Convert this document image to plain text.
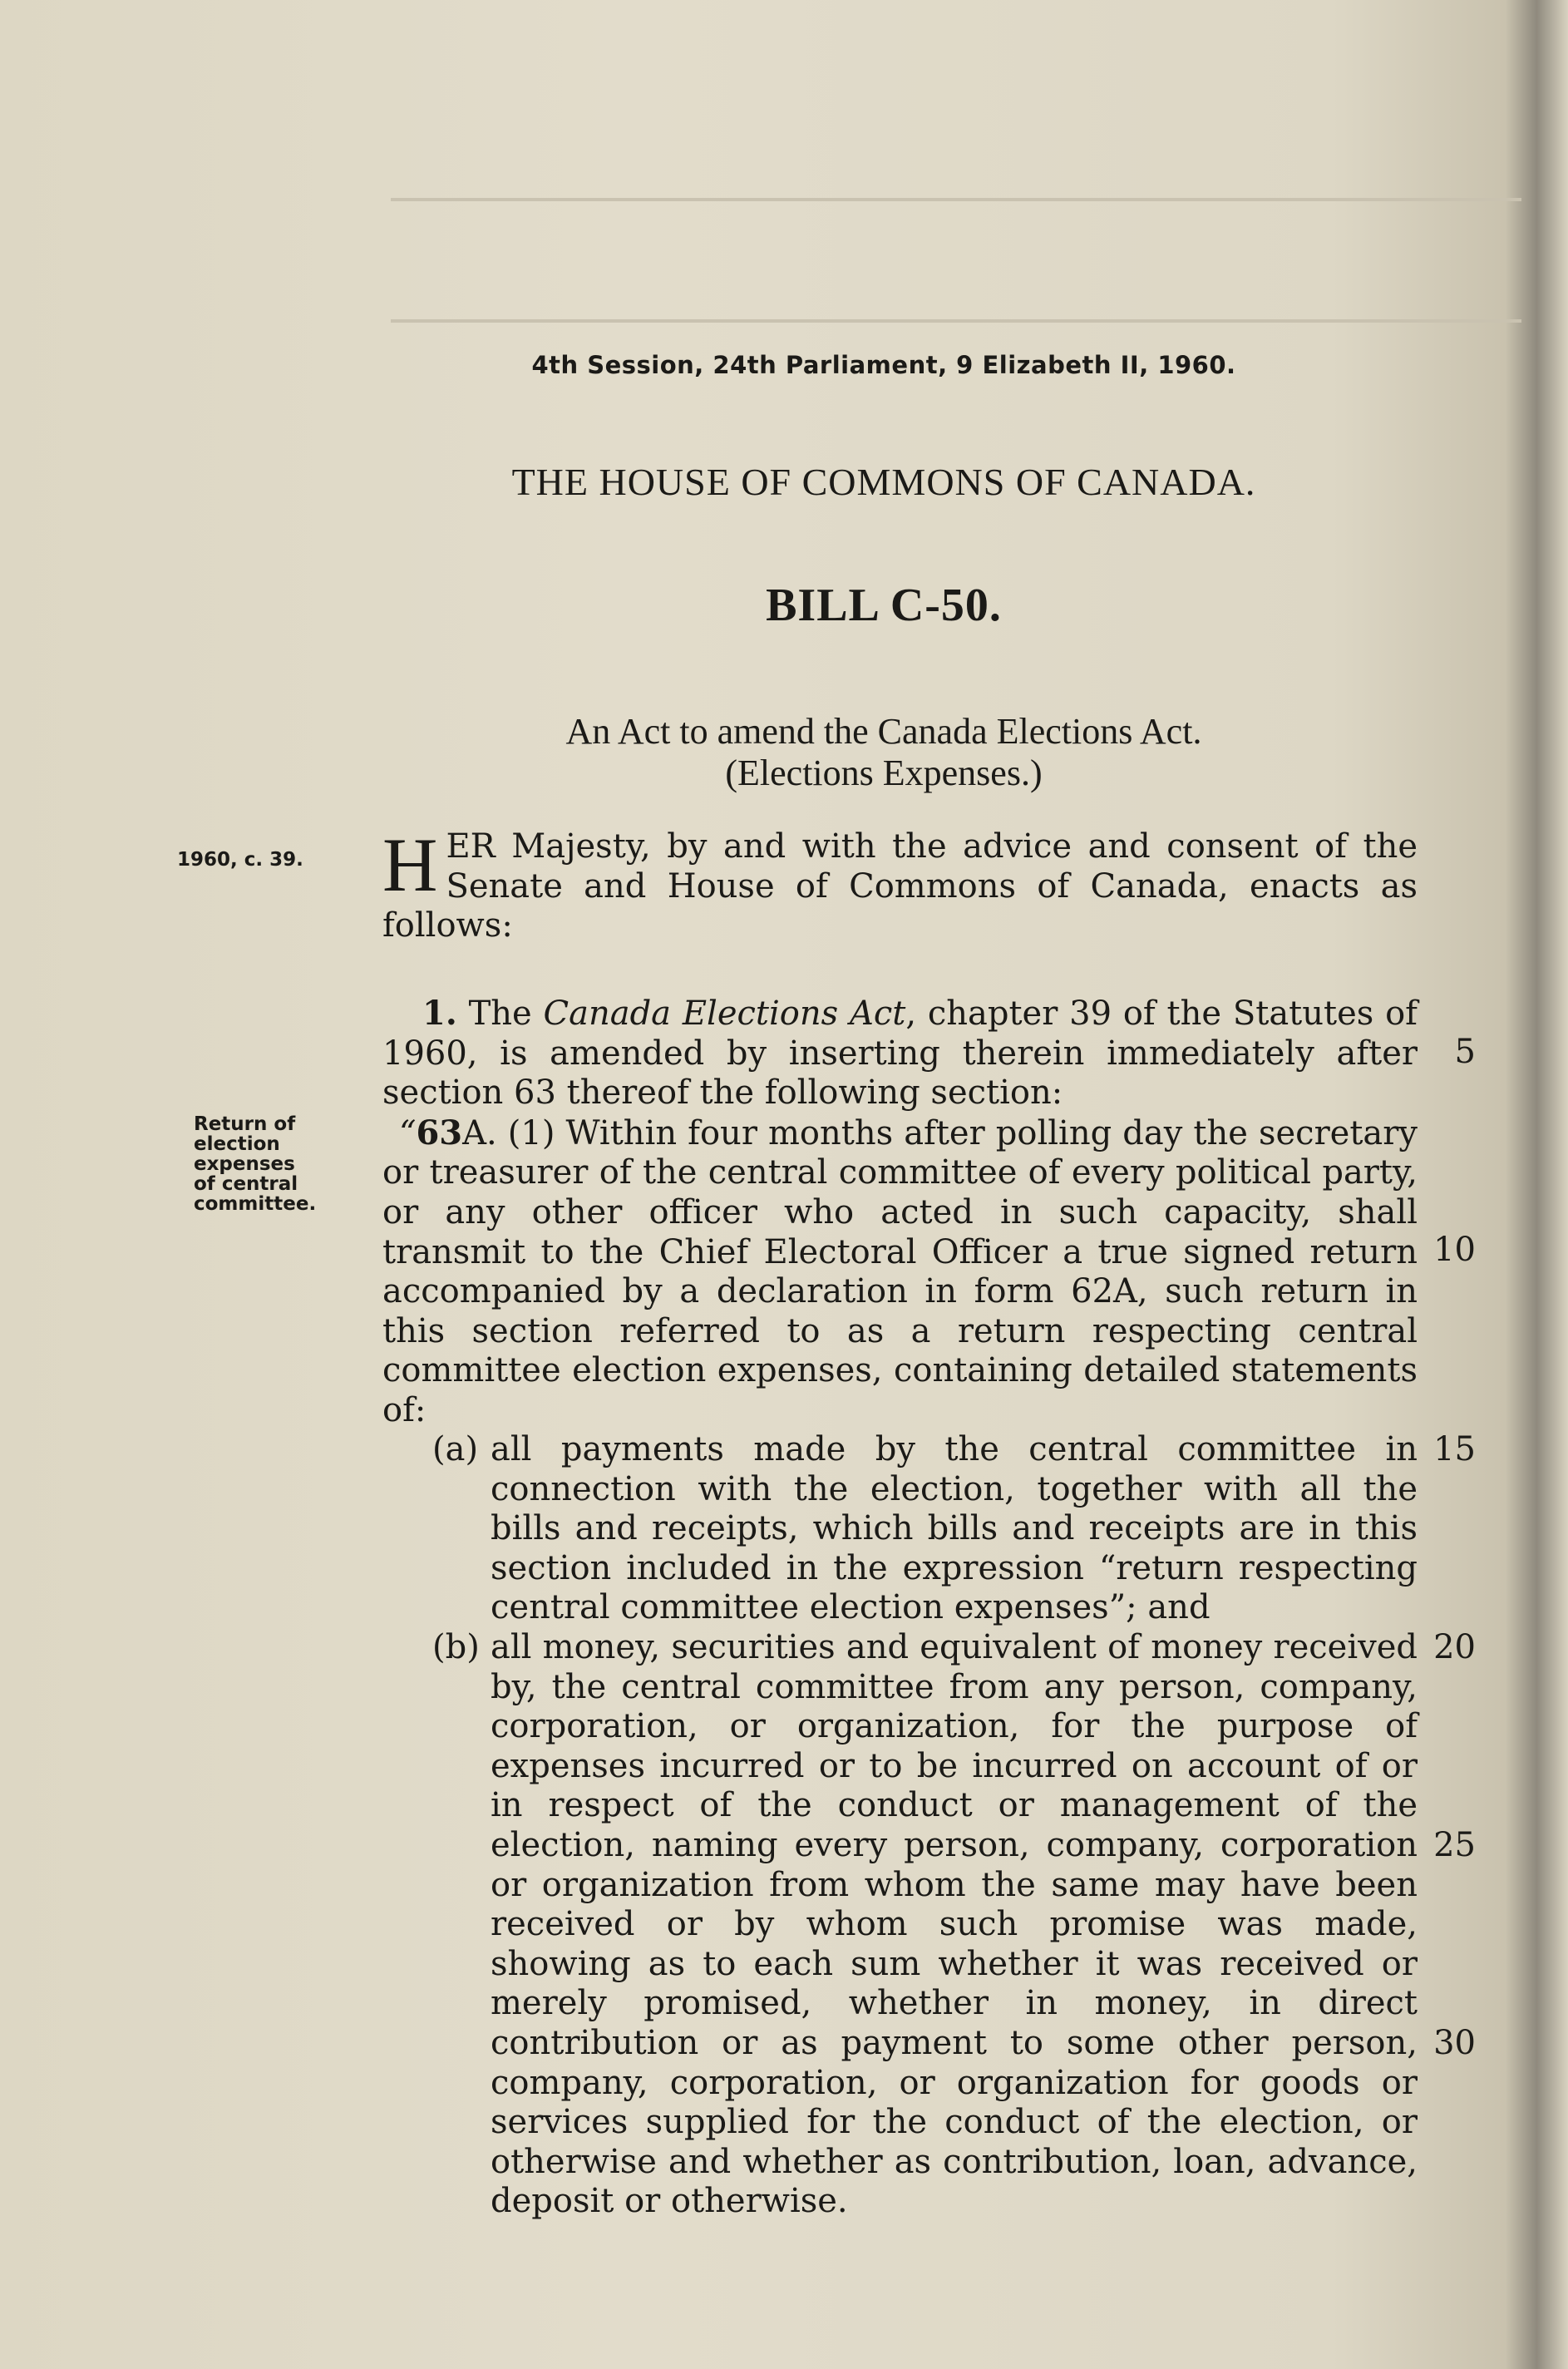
4th Session, 24th Parliament, 9 Elizabeth II, 1960.
THE HOUSE OF COMMONS OF CANADA.
BILL C-50.
An Act to amend the Canada Elections Act.
(Elections Expenses.)
1960, c. 39.
Return of
election
expenses
of central
committee.
HER Majesty, by and with the advice and consent of the Senate and House of Commons of Canada, enacts as follows:
1. The Canada Elections Act, chapter 39 of the Statutes of 1960, is amended by inserting therein immediately after section 63 thereof the following section:
“63A. (1) Within four months after polling day the secretary or treasurer of the central committee of every political party, or any other officer who acted in such capacity, shall transmit to the Chief Electoral Officer a true signed return accompanied by a declaration in form 62A, such return in this section referred to as a return respecting central committee election expenses, containing detailed statements of:
(a) all payments made by the central committee in connection with the election, together with all the bills and receipts, which bills and receipts are in this section included in the expression “return respecting central committee election expenses”; and
(b) all money, securities and equivalent of money received by, the central committee from any person, company, corporation, or organization, for the purpose of expenses incurred or to be incurred on account of or in respect of the conduct or management of the election, naming every person, company, corporation or organization from whom the same may have been received or by whom such promise was made, showing as to each sum whether it was received or merely promised, whether in money, in direct contribution or as payment to some other person, company, corporation, or organization for goods or services supplied for the conduct of the election, or otherwise and whether as contribution, loan, advance, deposit or otherwise.
5
10
15
20
25
30
